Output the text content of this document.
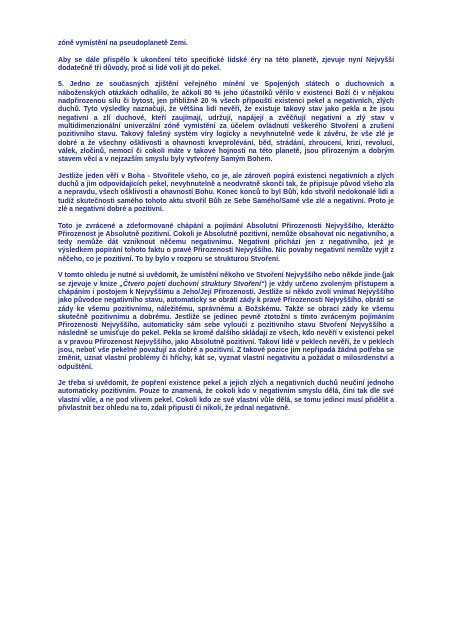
zóně vymístění na pseudoplanetě Zemi.

Aby se dále přispělo k ukončení této specifické lidské éry na této planetě, zjevuje nyní Nejvyšší dodatečně tři důvody, proč si lidé volí jít do pekel.

5. Jedno ze současných zjištění veřejného mínění ve Spojených státech o duchovních a náboženských otázkách odhalilo, že ačkoli 80 % jeho účastníků věřilo v existenci Boží či v nějakou nadpřirozenou sílu či bytost, jen přibližně 20 % všech připouští existenci pekel a negativních, zlých duchů. Tyto výsledky naznačují, že většina lidí nevěří, že existuje takový stav jako pekla a že jsou negativní a zlí duchové, kteří zaujímají, udržují, napájejí a zvěčňují negativní a zlý stav v multidimenzionální univerzální zóně vymístění za účelem ovládnutí veškerého Stvoření a zrušení pozitivního stavu. Takový falešný systém víry logicky a nevyhnutelně vede k závěru, že vše zlé je dobré a že všechny ošklivosti a ohavnosti krveprolévání, běd, strádání, zhroucení, krizí, revolucí, válek, zločinů, nemocí či cokoli máte v takové hojnosti na této planetě, jsou přirozeným a dobrým stavem věcí a v nejzazším smyslu byly vytvořeny Samým Bohem.

Jestliže jeden věří v Boha - Stvořitele všeho, co je, ale zároveň popírá existenci negativních a zlých duchů a jim odpovídajících pekel, nevyhnutelně a neodvratně skončí tak, že připisuje původ všeho zla a nepravdu, všech ošklivostí a ohavností Bohu. Konec konců to byl Bůh, kdo stvořil nedokonalé lidi a tudíž skutečnosti samého tohoto aktu stvořil Bůh ze Sebe Samého/Samé vše zlé a negativní. Proto je zlé a negativní dobré a pozitivní.

Toto je zvrácené a zdeformované chápání a pojímání Absolutní Přirozenosti Nejvyššího, kterážto Přirozenost je Absolutně pozitivní. Cokoli je Absolutně pozitivní, nemůže obsahovat nic negativního, a tedy nemůže dát vzniknout něčemu negativnímu. Negativní přichází jen z negativního, jež je výsledkem popírání tohoto faktu o pravé Přirozenosti Nejvyššího. Nic povahy negativní nemůže vyjít z něčeho, co je pozitivní. To by bylo v rozporu se strukturou Stvoření.

V tomto ohledu je nutné si uvědomit, že umístění někoho ve Stvoření Nejvyššího nebo někde jinde (jak se zjevuje v knize „Čtvero pojetí duchovní struktury Stvoření“) je vždy určeno zvoleným přístupem a chápáním i postojem k Nejvyššímu a Jeho/Její Přirozenosti. Jestliže si někdo zvolí vnímat Nejvyššího jako původce negativního stavu, automaticky se obrátí zády k pravé Přirozenosti Nejvyššího, obrátí se zády ke všemu pozitivnímu, náležitému, správnému a Božskému. Takže se obrací zády ke všemu skutečně pozitivnímu a dobrému. Jestliže se jedinec pevně ztotožní s tímto zvráceným pojímáním Přirozenosti Nejvyššího, automaticky sám sebe vyloučí z pozitivního stavu Stvoření Nejvyššího a následně se umísťuje do pekel. Pekla se kromě dalšího skládají ze všech, kdo nevěří v existenci pekel a v pravou Přirozenost Nejvyššího, jako Absolutně pozitivní. Takoví lidé v peklech nevěří, že v peklech jsou, neboť vše pekelné považují za dobré a pozitivní. Z takové pozice jim nepřipadá žádná potřeba se změnit, uznat vlastní problémy či hříchy, kát se, vyznat vlastní negativitu a požádat o milosrdenství a odpuštění.

Je třeba si uvědomit, že popření existence pekel a jejich zlých a negativních duchů neučiní jednoho automaticky pozitivním. Pouze to znamená, že cokoli kdo v negativním smyslu dělá, činí tak dle své vlastní vůle, a ne pod vlivem pekel. Cokoli kdo ze své vlastní vůle dělá, se tomu jedinci musí přidělit a přivlastnit bez ohledu na to, zdali připustí či nikoli, že jednal negativně.
